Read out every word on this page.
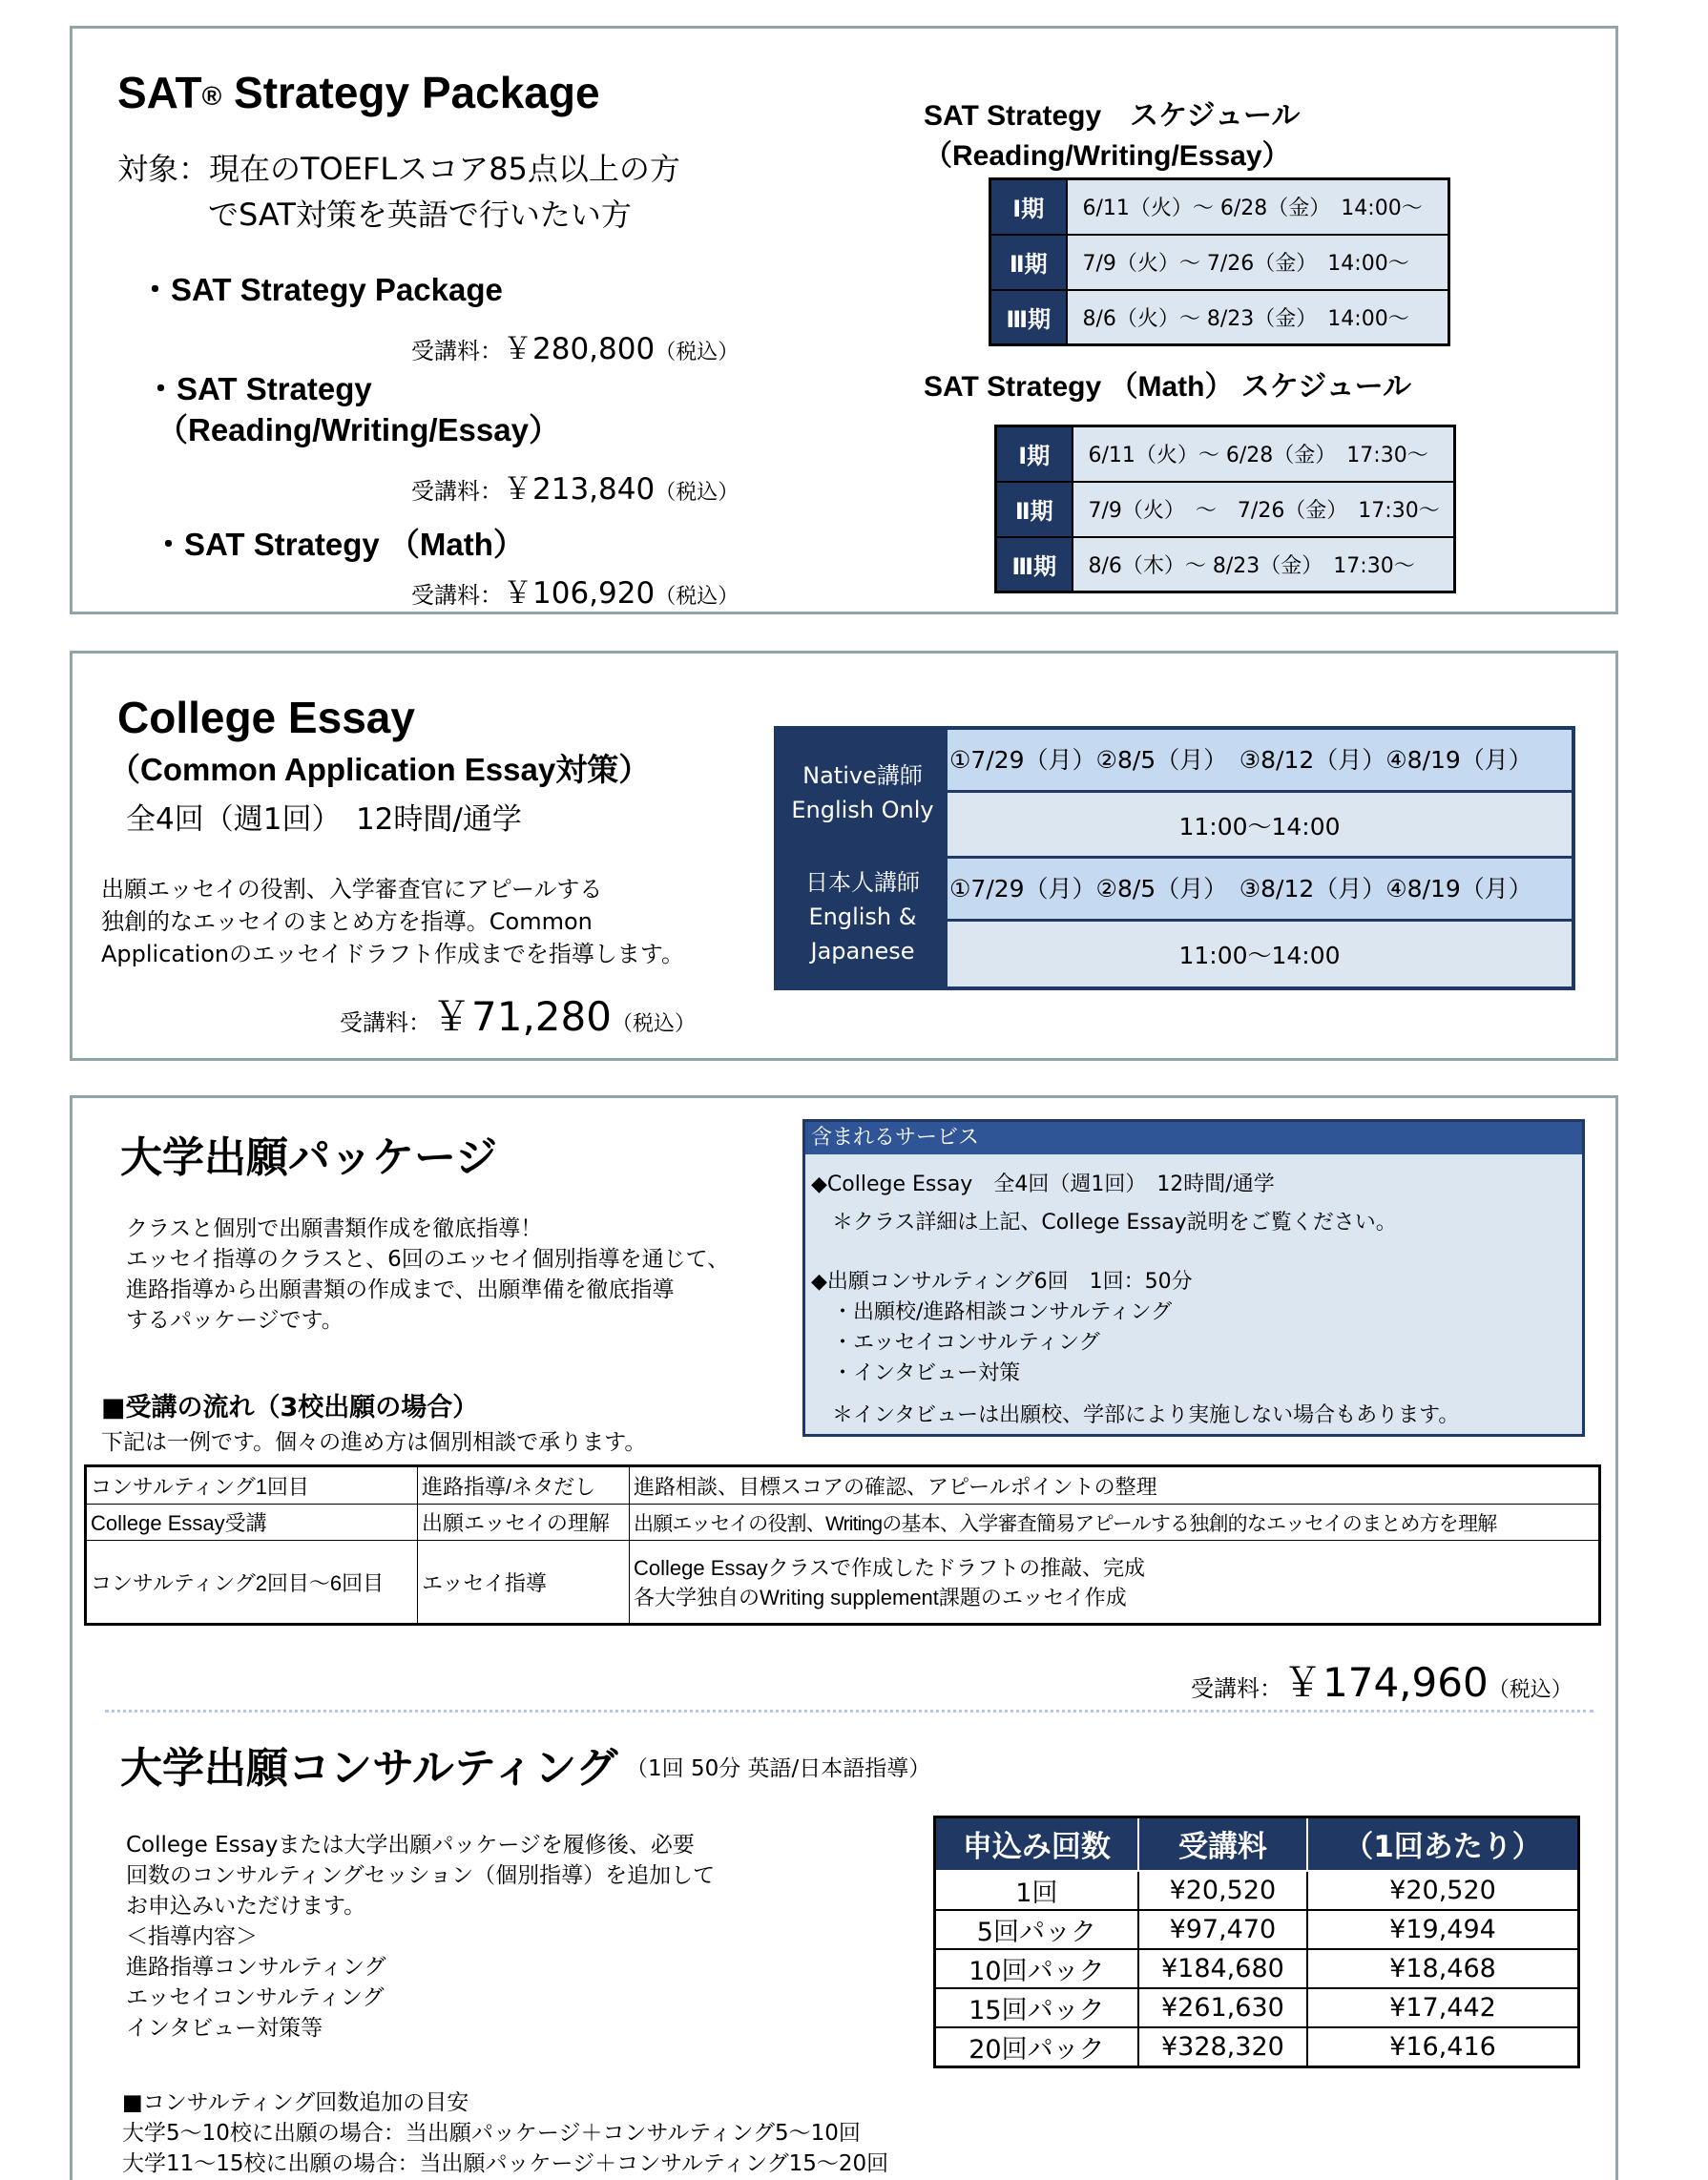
SAT® Strategy Package
対象：現在のTOEFLスコア85点以上の方
でSAT対策を英語で行いたい方
・SAT Strategy Package
受講料：￥280,800（税込）
・SAT Strategy
（Reading/Writing/Essay）
受講料：￥213,840（税込）
・SAT Strategy （Math）
受講料：￥106,920（税込）
SAT Strategy　スケジュール
（Reading/Writing/Essay）
Ⅰ期	6/11（火）～ 6/28（金）　14:00～
Ⅱ期	7/9（火）～ 7/26（金）　14:00～
Ⅲ期	8/6（火）～ 8/23（金）　14:00～
SAT Strategy （Math） スケジュール
Ⅰ期	6/11（火）～ 6/28（金）　17:30～
Ⅱ期	7/9（火）　～　7/26（金）　17:30～
Ⅲ期	8/6（木）～ 8/23（金）　17:30～
College Essay
（Common Application Essay対策）
全4回（週1回）　12時間/通学
出願エッセイの役割、入学審査官にアピールする
独創的なエッセイのまとめ方を指導。Common
Applicationのエッセイドラフト作成までを指導します。
受講料：￥71,280（税込）
Native講師
English Only
①7/29（月）②8/5（月）　③8/12（月）④8/19（月）
11:00～14:00
日本人講師
English &
Japanese
①7/29（月）②8/5（月）　③8/12（月）④8/19（月）
11:00～14:00
大学出願パッケージ
クラスと個別で出願書類作成を徹底指導！
エッセイ指導のクラスと、6回のエッセイ個別指導を通じて、
進路指導から出願書類の作成まで、出願準備を徹底指導
するパッケージです。
■受講の流れ（3校出願の場合）
下記は一例です。個々の進め方は個別相談で承ります。
含まれるサービス
◆College Essay　全4回（週1回）　12時間/通学
　＊クラス詳細は上記、College Essay説明をご覧ください。
◆出願コンサルティング6回　1回：50分
　・出願校/進路相談コンサルティング
　・エッセイコンサルティング
　・インタビュー対策
　＊インタビューは出願校、学部により実施しない場合もあります。
コンサルティング1回目	進路指導/ネタだし	進路相談、目標スコアの確認、アピールポイントの整理
College Essay受講	出願エッセイの理解	出願エッセイの役割、Writingの基本、入学審査簡易アピールする独創的なエッセイのまとめ方を理解
コンサルティング2回目～6回目	エッセイ指導	College Essayクラスで作成したドラフトの推敲、完成
各大学独自のWriting supplement課題のエッセイ作成
受講料：￥174,960（税込）
大学出願コンサルティング （1回 50分 英語/日本語指導）
College Essayまたは大学出願パッケージを履修後、必要
回数のコンサルティングセッション（個別指導）を追加して
お申込みいただけます。
＜指導内容＞
進路指導コンサルティング
エッセイコンサルティング
インタビュー対策等
■コンサルティング回数追加の目安
大学5～10校に出願の場合：当出願パッケージ＋コンサルティング5～10回
大学11～15校に出願の場合：当出願パッケージ＋コンサルティング15～20回
申込み回数	受講料	（1回あたり）
1回	¥20,520	¥20,520
5回パック	¥97,470	¥19,494
10回パック	¥184,680	¥18,468
15回パック	¥261,630	¥17,442
20回パック	¥328,320	¥16,416
